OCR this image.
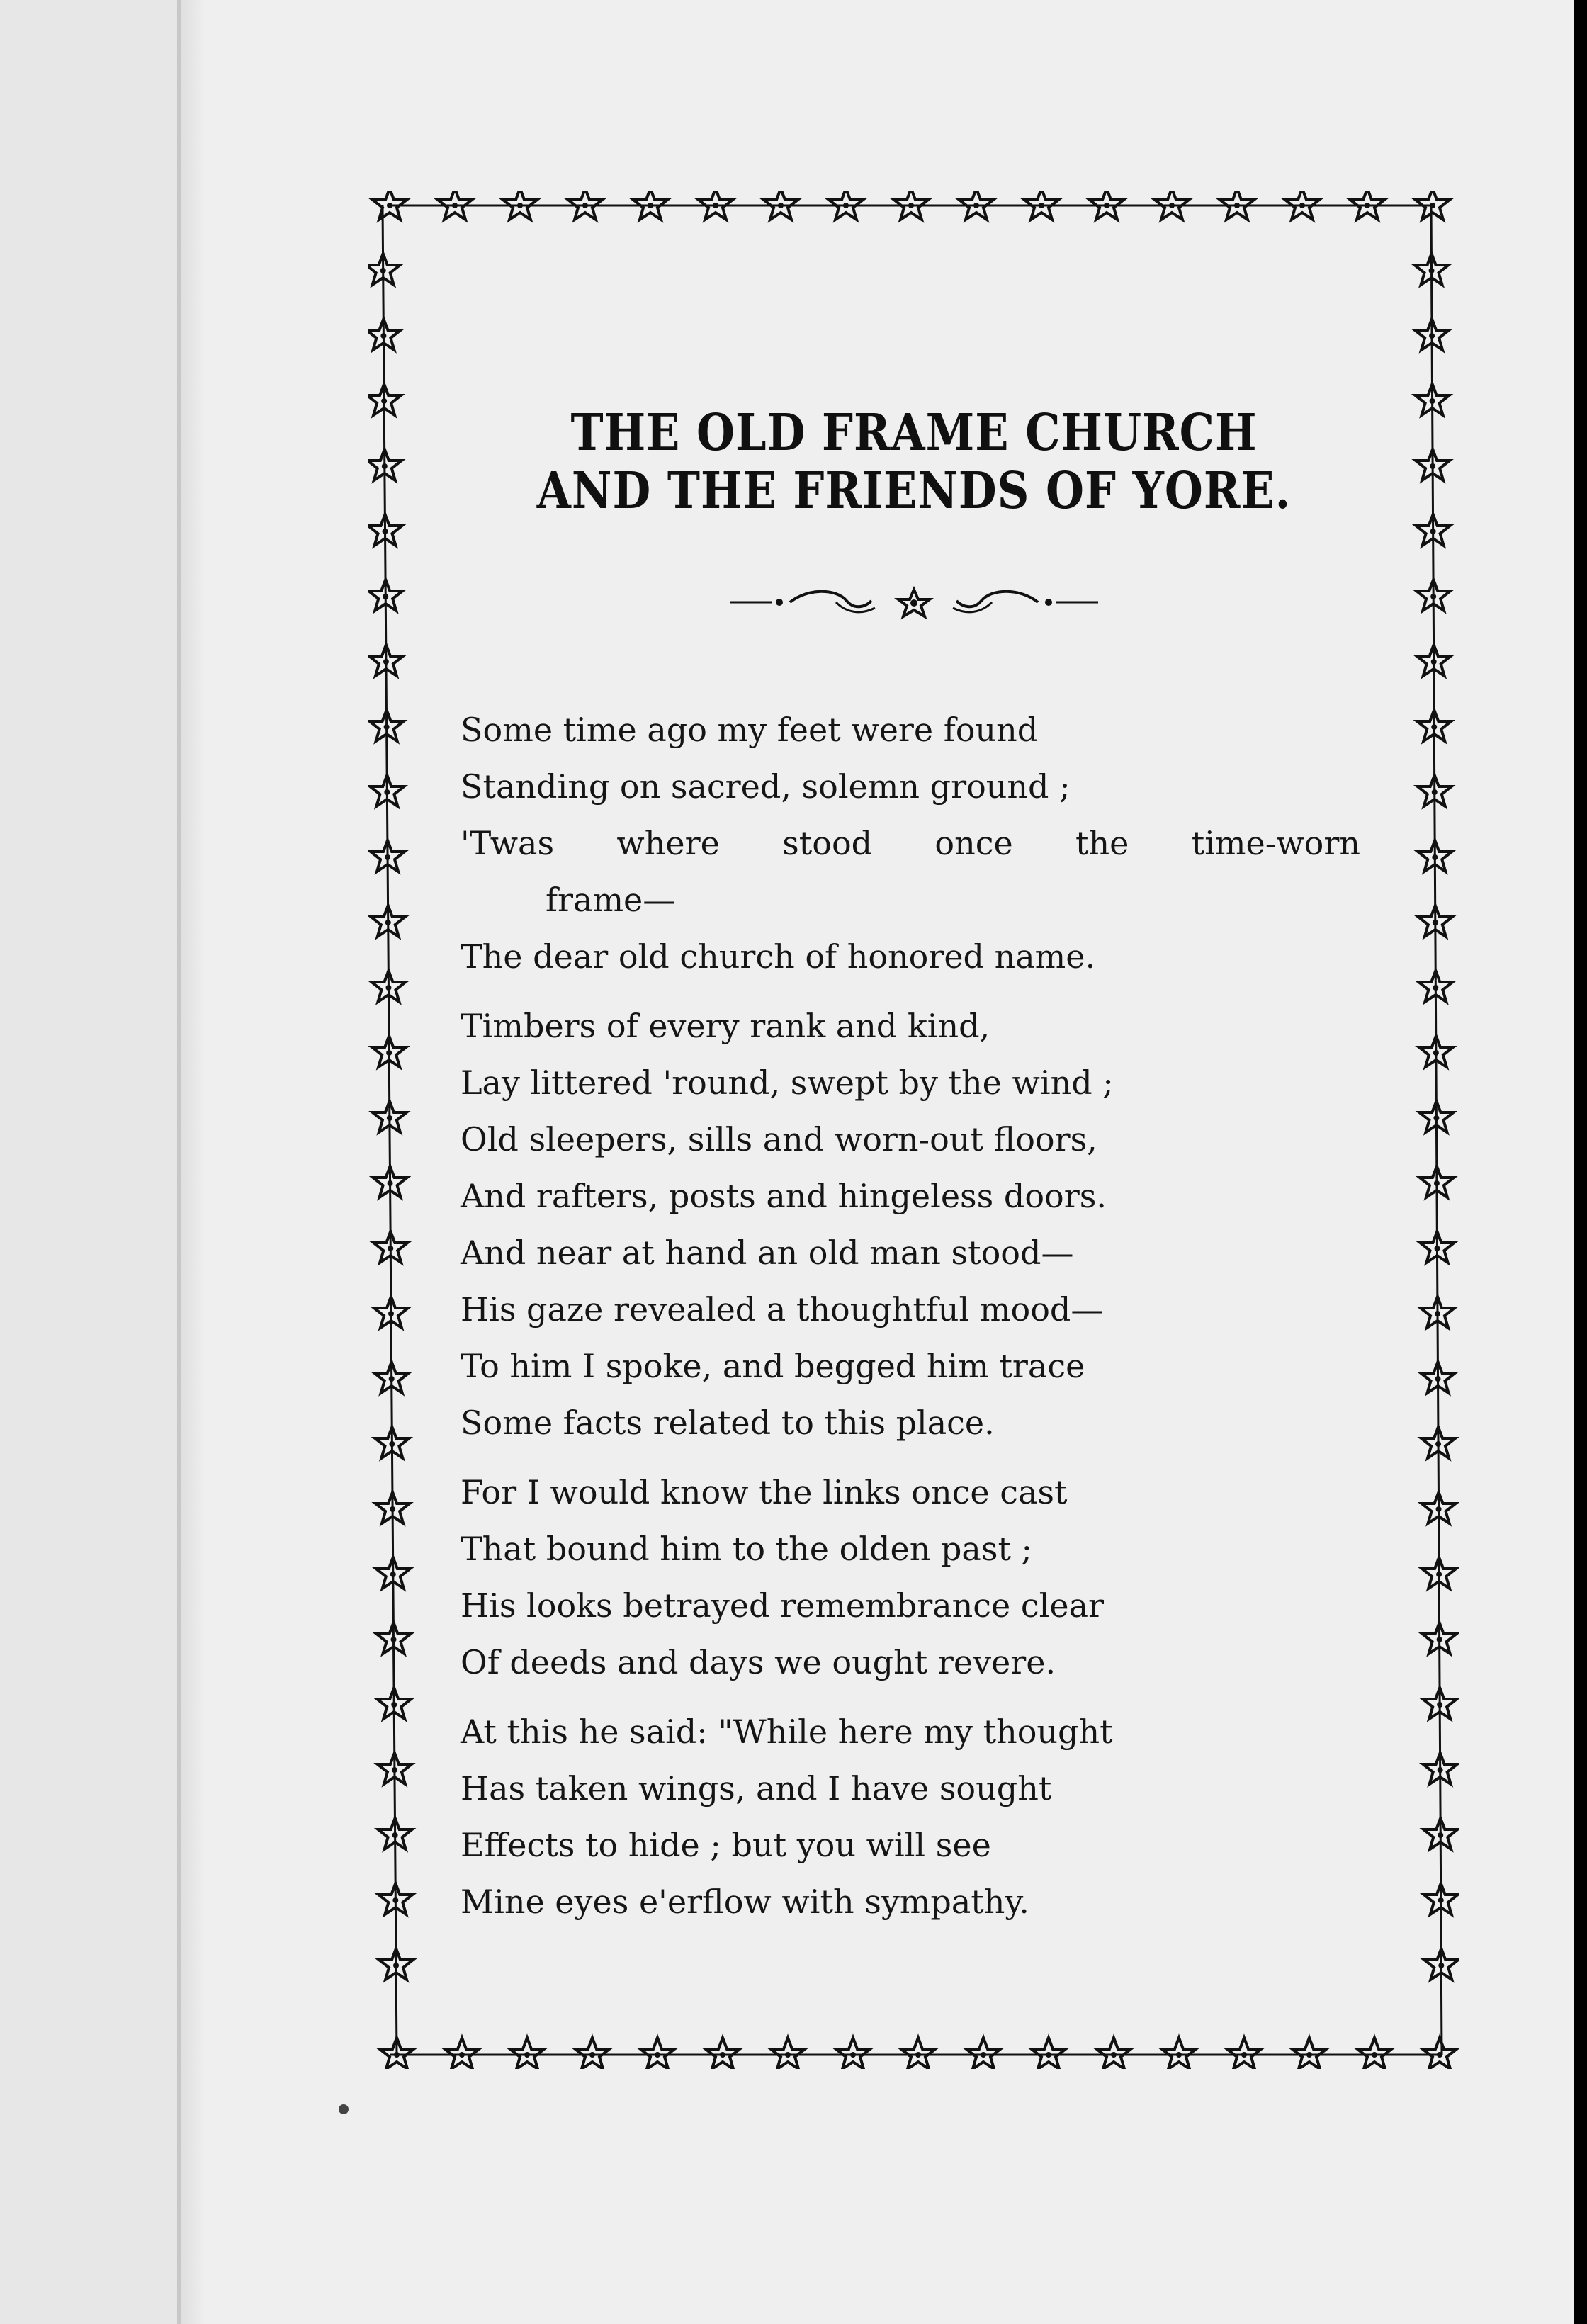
THE OLD FRAME CHURCH
AND THE FRIENDS OF YORE.
Some time ago my feet were found
Standing on sacred, solemn ground ;
'Twas where stood once the time-worn
frame—
The dear old church of honored name.
Timbers of every rank and kind,
Lay littered 'round, swept by the wind ;
Old sleepers, sills and worn-out floors,
And rafters, posts and hingeless doors.
And near at hand an old man stood—
His gaze revealed a thoughtful mood—
To him I spoke, and begged him trace
Some facts related to this place.
For I would know the links once cast
That bound him to the olden past ;
His looks betrayed remembrance clear
Of deeds and days we ought revere.
At this he said: "While here my thought
Has taken wings, and I have sought
Effects to hide ; but you will see
Mine eyes e'erflow with sympathy.
